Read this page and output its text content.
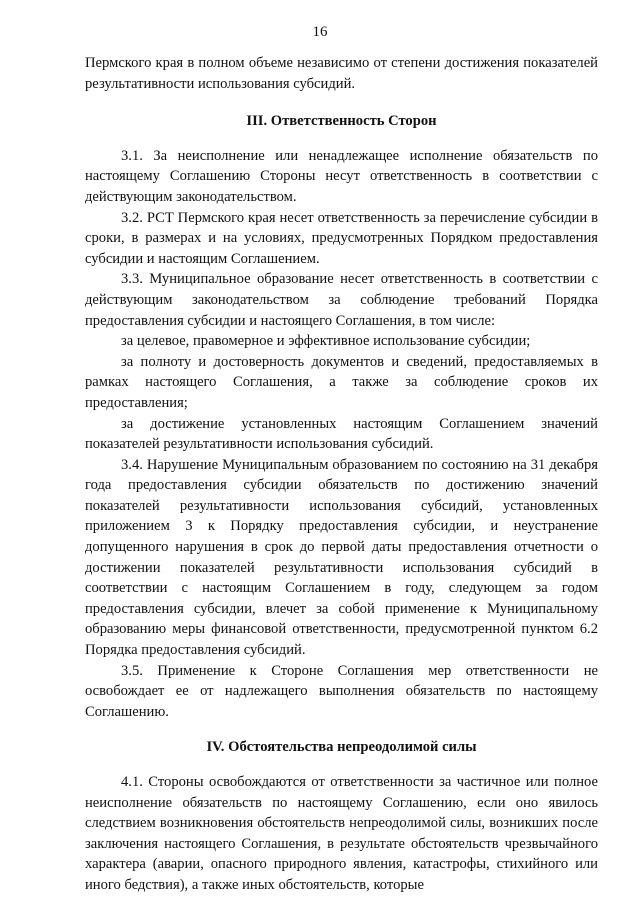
16

Пермского края в полном объеме независимо от степени достижения показателей результативности использования субсидий.

III. Ответственность Сторон

3.1. За неисполнение или ненадлежащее исполнение обязательств по настоящему Соглашению Стороны несут ответственность в соответствии с действующим законодательством.

3.2. РСТ Пермского края несет ответственность за перечисление субсидии в сроки, в размерах и на условиях, предусмотренных Порядком предоставления субсидии и настоящим Соглашением.

3.3. Муниципальное образование несет ответственность в соответствии с действующим законодательством за соблюдение требований Порядка предоставления субсидии и настоящего Соглашения, в том числе:

за целевое, правомерное и эффективное использование субсидии;

за полноту и достоверность документов и сведений, предоставляемых в рамках настоящего Соглашения, а также за соблюдение сроков их предоставления;

за достижение установленных настоящим Соглашением значений показателей результативности использования субсидий.

3.4. Нарушение Муниципальным образованием по состоянию на 31 декабря года предоставления субсидии обязательств по достижению значений показателей результативности использования субсидий, установленных приложением 3 к Порядку предоставления субсидии, и неустранение допущенного нарушения в срок до первой даты предоставления отчетности о достижении показателей результативности использования субсидий в соответствии с настоящим Соглашением в году, следующем за годом предоставления субсидии, влечет за собой применение к Муниципальному образованию меры финансовой ответственности, предусмотренной пунктом 6.2 Порядка предоставления субсидий.

3.5. Применение к Стороне Соглашения мер ответственности не освобождает ее от надлежащего выполнения обязательств по настоящему Соглашению.

IV. Обстоятельства непреодолимой силы

4.1. Стороны освобождаются от ответственности за частичное или полное неисполнение обязательств по настоящему Соглашению, если оно явилось следствием возникновения обстоятельств непреодолимой силы, возникших после заключения настоящего Соглашения, в результате обстоятельств чрезвычайного характера (аварии, опасного природного явления, катастрофы, стихийного или иного бедствия), а также иных обстоятельств, которые
